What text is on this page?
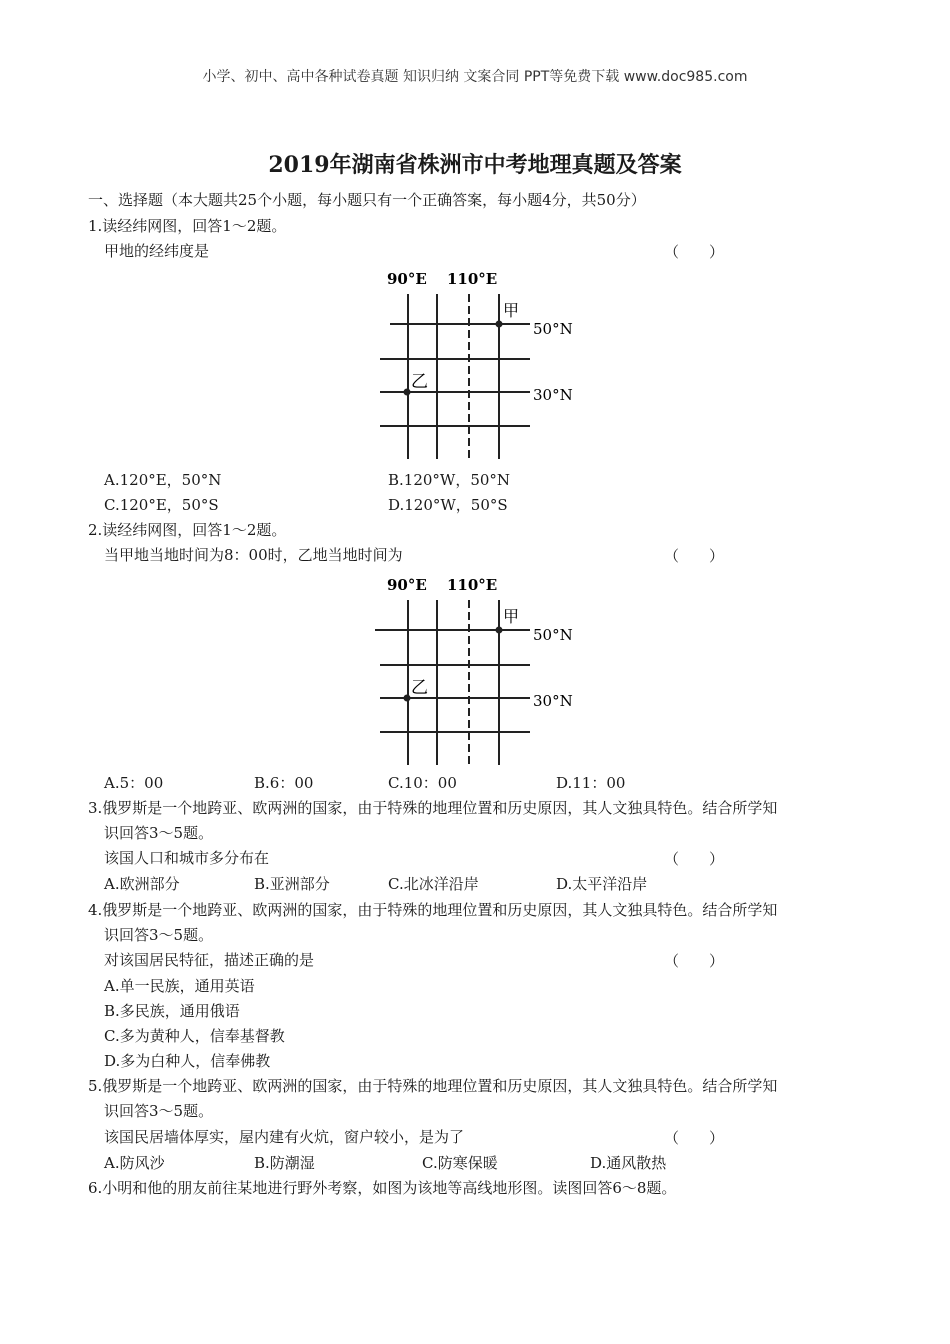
小学、初中、高中各种试卷真题 知识归纳 文案合同 PPT等免费下载 www.doc985.com
2019年湖南省株洲市中考地理真题及答案
一、选择题（本大题共25个小题，每小题只有一个正确答案，每小题4分，共50分）
1.读经纬网图，回答1～2题。
甲地的经纬度是	（　　）
90°E 110°E
50°N
30°N
甲
乙
A.120°E，50°N	B.120°W，50°N
C.120°E，50°S	D.120°W，50°S
2.读经纬网图，回答1～2题。
当甲地当地时间为8：00时，乙地当地时间为	（　　）
90°E 110°E
50°N
30°N
甲
乙
A.5：00	B.6：00	C.10：00	D.11：00
3.俄罗斯是一个地跨亚、欧两洲的国家，由于特殊的地理位置和历史原因，其人文独具特色。结合所学知
识回答3～5题。
该国人口和城市多分布在	（　　）
A.欧洲部分	B.亚洲部分	C.北冰洋沿岸	D.太平洋沿岸
4.俄罗斯是一个地跨亚、欧两洲的国家，由于特殊的地理位置和历史原因，其人文独具特色。结合所学知
识回答3～5题。
对该国居民特征，描述正确的是	（　　）
A.单一民族，通用英语
B.多民族，通用俄语
C.多为黄种人，信奉基督教
D.多为白种人，信奉佛教
5.俄罗斯是一个地跨亚、欧两洲的国家，由于特殊的地理位置和历史原因，其人文独具特色。结合所学知
识回答3～5题。
该国民居墙体厚实，屋内建有火炕，窗户较小，是为了	（　　）
A.防风沙	B.防潮湿	C.防寒保暖	D.通风散热
6.小明和他的朋友前往某地进行野外考察，如图为该地等高线地形图。读图回答6～8题。
